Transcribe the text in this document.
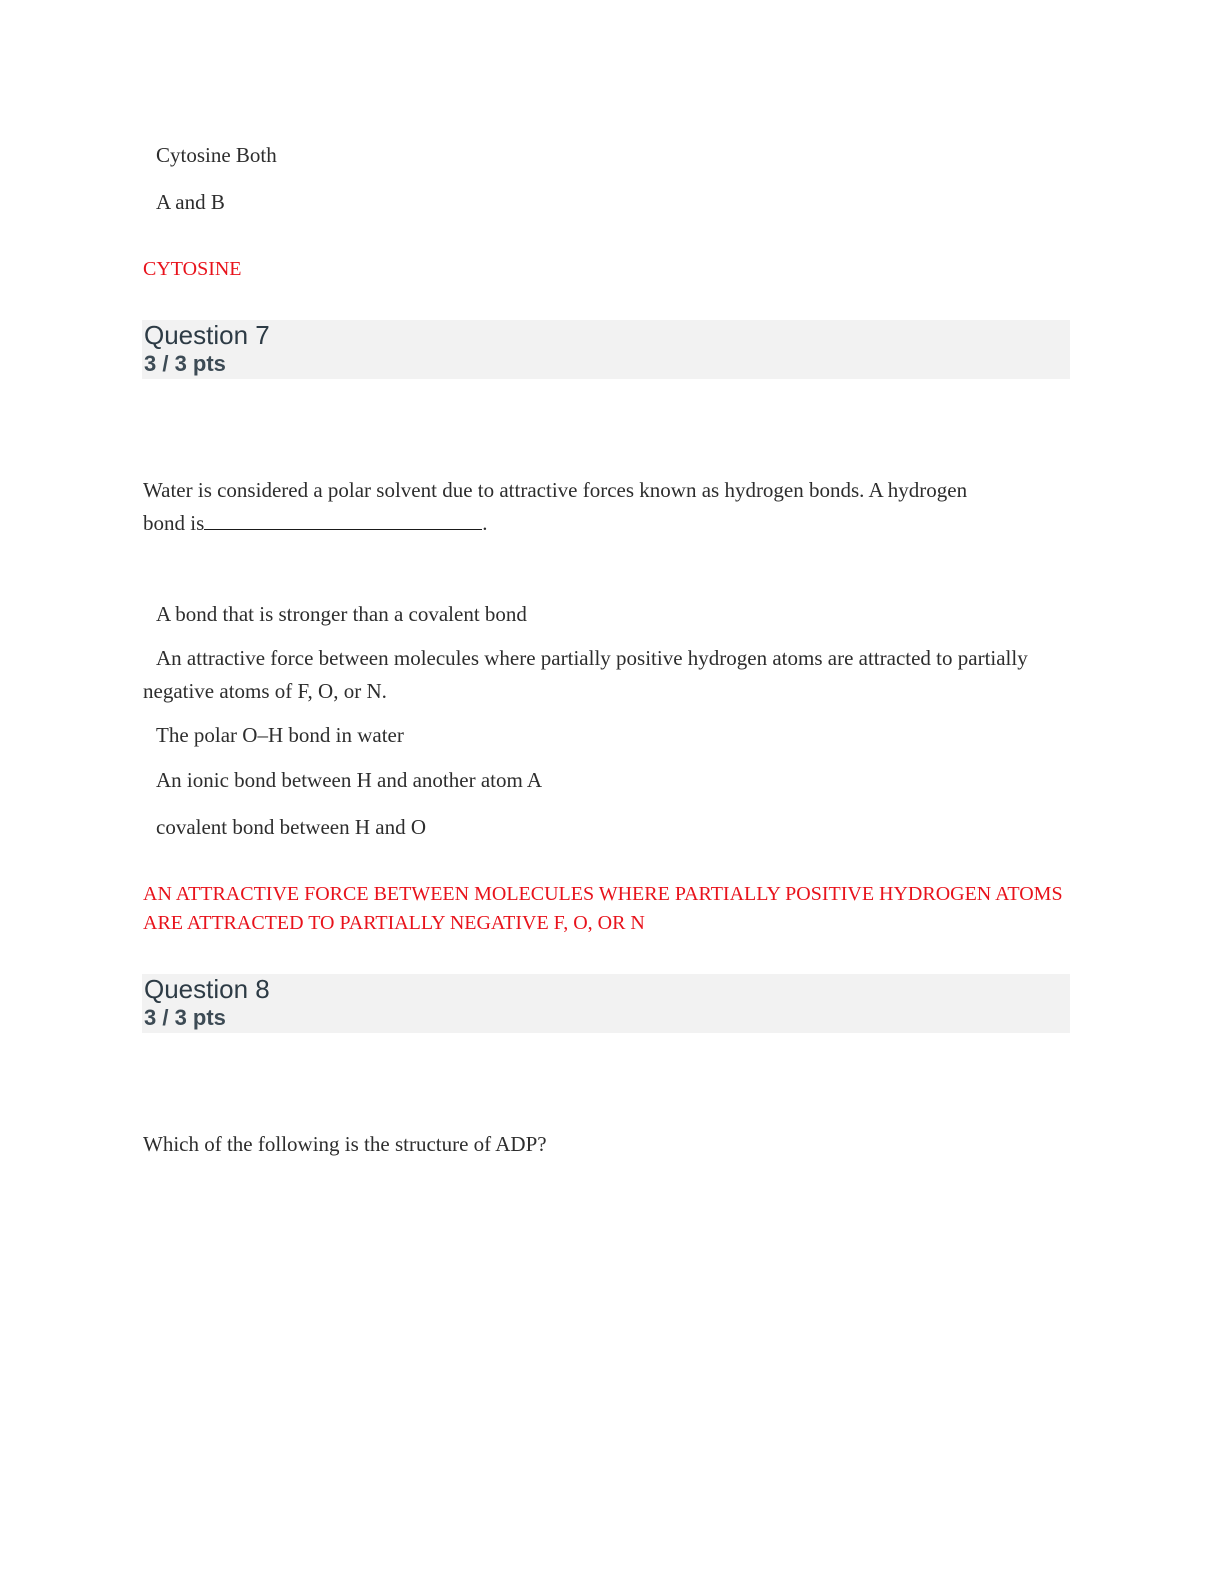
Cytosine Both
A and B
CYTOSINE
Question 7
3 / 3 pts
Water is considered a polar solvent due to attractive forces known as hydrogen bonds. A hydrogen
bond is	.
A bond that is stronger than a covalent bond
An attractive force between molecules where partially positive hydrogen atoms are attracted to partially
negative atoms of F, O, or N.
The polar O–H bond in water
An ionic bond between H and another atom A
covalent bond between H and O
AN ATTRACTIVE FORCE BETWEEN MOLECULES WHERE PARTIALLY POSITIVE HYDROGEN ATOMS
ARE ATTRACTED TO PARTIALLY NEGATIVE F, O, OR N
Question 8
3 / 3 pts
Which of the following is the structure of ADP?
